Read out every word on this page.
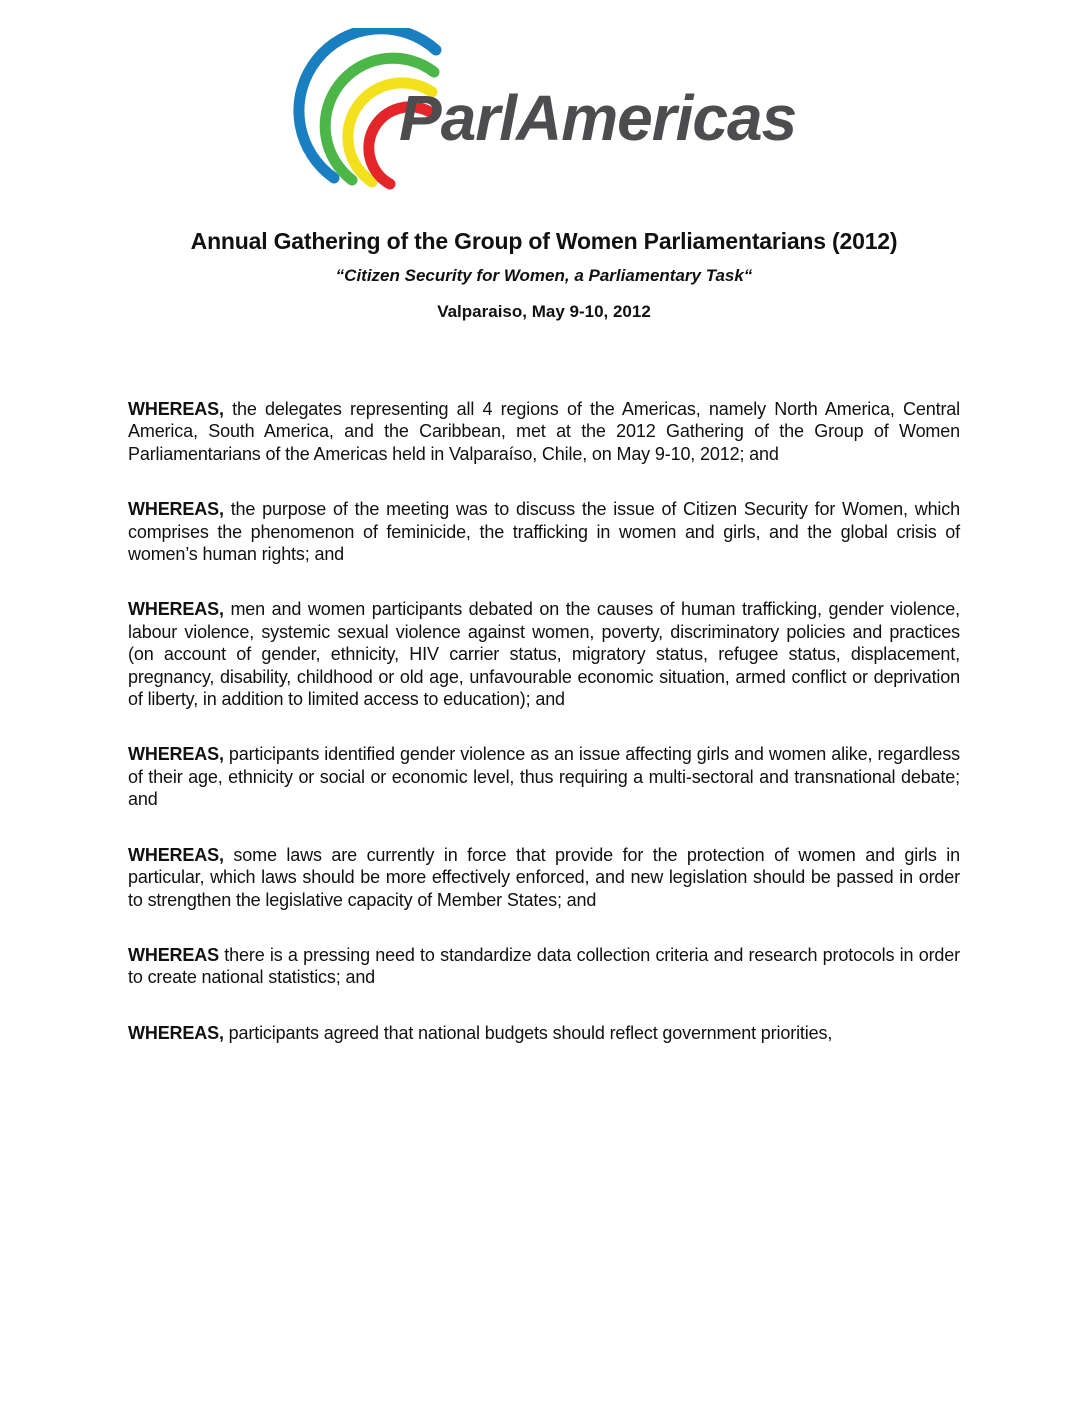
ParlAmericas
Annual Gathering of the Group of Women Parliamentarians (2012)
“Citizen Security for Women, a Parliamentary Task“
Valparaiso, May 9-10, 2012

WHEREAS, the delegates representing all 4 regions of the Americas, namely North America, Central America, South America, and the Caribbean, met at the 2012 Gathering of the Group of Women Parliamentarians of the Americas held in Valparaíso, Chile, on May 9-10, 2012; and

WHEREAS, the purpose of the meeting was to discuss the issue of Citizen Security for Women, which comprises the phenomenon of feminicide, the trafficking in women and girls, and the global crisis of women’s human rights; and

WHEREAS, men and women participants debated on the causes of human trafficking, gender violence, labour violence, systemic sexual violence against women, poverty, discriminatory policies and practices (on account of gender, ethnicity, HIV carrier status, migratory status, refugee status, displacement, pregnancy, disability, childhood or old age, unfavourable economic situation, armed conflict or deprivation of liberty, in addition to limited access to education); and

WHEREAS, participants identified gender violence as an issue affecting girls and women alike, regardless of their age, ethnicity or social or economic level, thus requiring a multi-sectoral and transnational debate; and

WHEREAS, some laws are currently in force that provide for the protection of women and girls in particular, which laws should be more effectively enforced, and new legislation should be passed in order to strengthen the legislative capacity of Member States; and

WHEREAS there is a pressing need to standardize data collection criteria and research protocols in order to create national statistics; and

WHEREAS, participants agreed that national budgets should reflect government priorities,
